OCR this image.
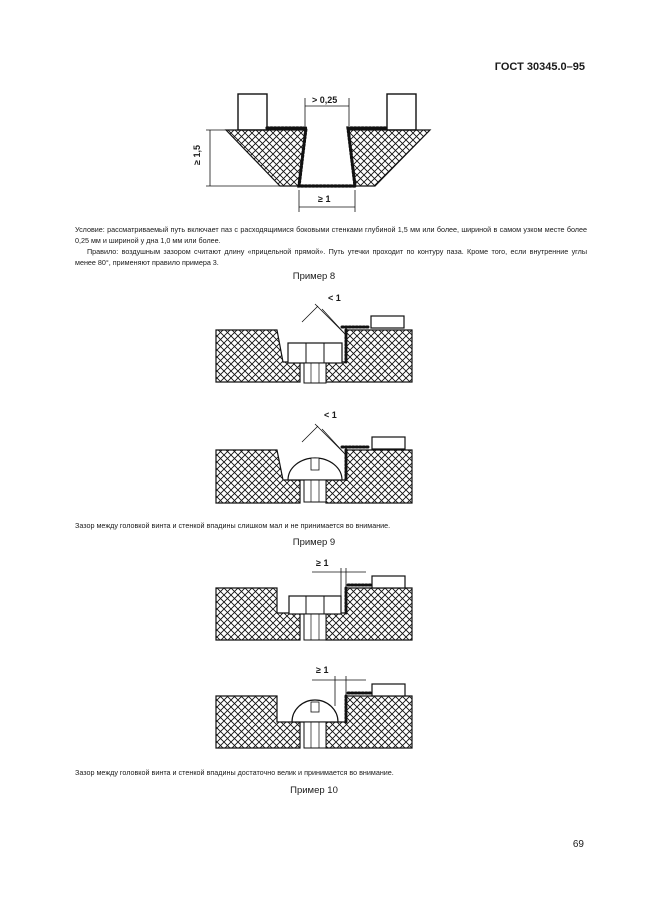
ГОСТ 30345.0–95
> 0,25
≥ 1,5
≥ 1
Условие: рассматриваемый путь включает паз с расходящимися боковыми стенками глубиной 1,5 мм или более, шириной в самом узком месте более 0,25 мм и шириной у дна 1,0 мм или более.
Правило: воздушным зазором считают длину «прицельной прямой». Путь утечки проходит по контуру паза. Кроме того, если внутренние углы менее 80°, применяют правило примера 3.
Пример 8
< 1
< 1
Зазор между головкой винта и стенкой впадины слишком мал и не принимается во внимание.
Пример 9
≥ 1
≥ 1
Зазор между головкой винта и стенкой впадины достаточно велик и принимается во внимание.
Пример 10
69
